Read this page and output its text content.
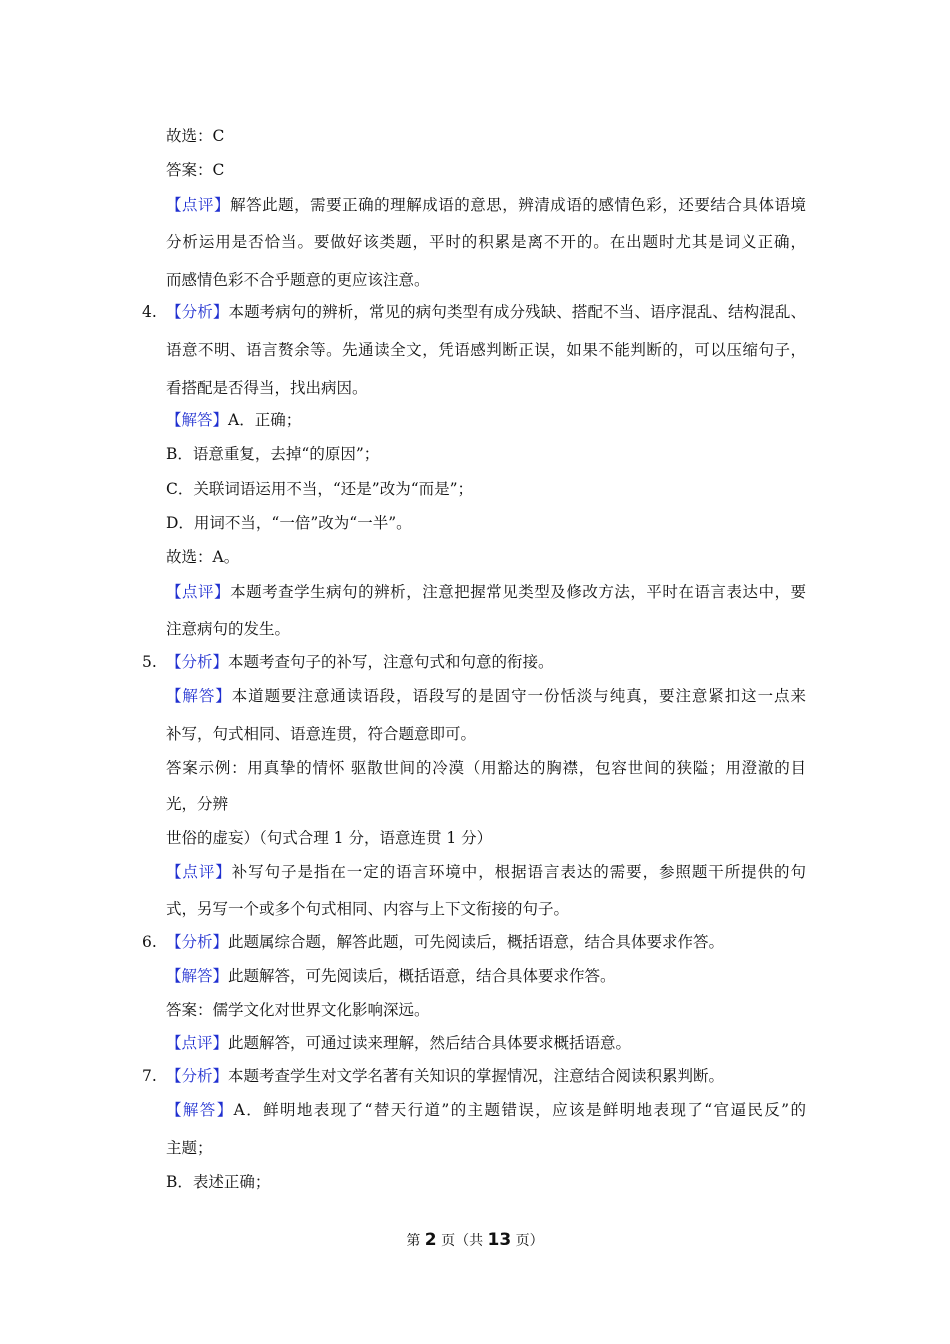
故选：C
答案：C
【点评】解答此题，需要正确的理解成语的意思，辨清成语的感情色彩，还要结合具体语境
分析运用是否恰当。要做好该类题，平时的积累是离不开的。在出题时尤其是词义正确，
而感情色彩不合乎题意的更应该注意。
4. 【分析】本题考病句的辨析，常见的病句类型有成分残缺、搭配不当、语序混乱、结构混乱、
语意不明、语言赘余等。先通读全文，凭语感判断正误，如果不能判断的，可以压缩句子，
看搭配是否得当，找出病因。
【解答】A．正确；
B．语意重复，去掉“的原因”；
C．关联词语运用不当，“还是”改为“而是”；
D．用词不当，“一倍”改为“一半”。
故选：A。
【点评】本题考查学生病句的辨析，注意把握常见类型及修改方法，平时在语言表达中，要
注意病句的发生。
5. 【分析】本题考查句子的补写，注意句式和句意的衔接。
【解答】本道题要注意通读语段，语段写的是固守一份恬淡与纯真，要注意紧扣这一点来
补写，句式相同、语意连贯，符合题意即可。
答案示例：用真挚的情怀 驱散世间的冷漠（用豁达的胸襟，包容世间的狭隘；用澄澈的目
光，分辨
世俗的虚妄）（句式合理 1 分，语意连贯 1 分）
【点评】补写句子是指在一定的语言环境中，根据语言表达的需要，参照题干所提供的句
式，另写一个或多个句式相同、内容与上下文衔接的句子。
6. 【分析】此题属综合题，解答此题，可先阅读后，概括语意，结合具体要求作答。
【解答】此题解答，可先阅读后，概括语意，结合具体要求作答。
答案：儒学文化对世界文化影响深远。
【点评】此题解答，可通过读来理解，然后结合具体要求概括语意。
7. 【分析】本题考查学生对文学名著有关知识的掌握情况，注意结合阅读积累判断。
【解答】A．鲜明地表现了“替天行道”的主题错误，应该是鲜明地表现了“官逼民反”的
主题；
B．表述正确；
第 2 页（共 13 页）
